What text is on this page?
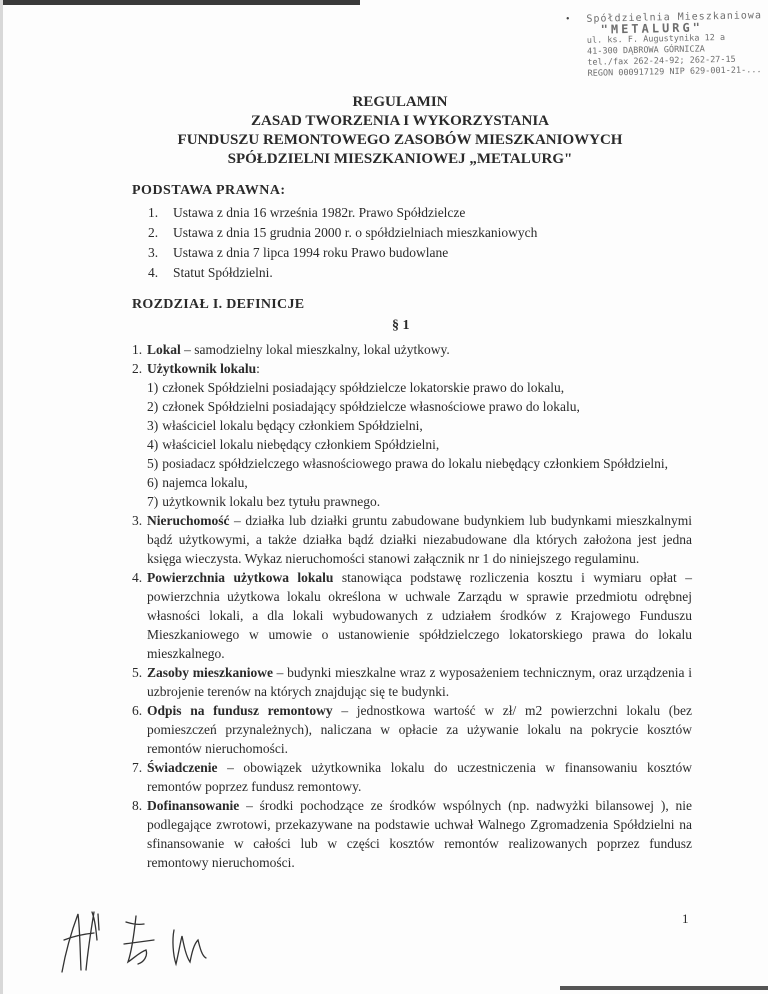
• Spółdzielnia Mieszkaniowa
"METALURG"
ul. ks. F. Augustynika 12 a
41-300 DĄBROWA GÓRNICZA
tel./fax 262-24-92; 262-27-15
REGON 000917129 NIP 629-001-21-...
REGULAMIN
ZASAD TWORZENIA I WYKORZYSTANIA
FUNDUSZU REMONTOWEGO ZASOBÓW MIESZKANIOWYCH
SPÓŁDZIELNI MIESZKANIOWEJ „METALURG"
PODSTAWA PRAWNA:
1.	Ustawa z dnia 16 września 1982r. Prawo Spółdzielcze
2.	Ustawa z dnia 15 grudnia 2000 r. o spółdzielniach mieszkaniowych
3.	Ustawa z dnia 7 lipca 1994 roku Prawo budowlane
4.	Statut Spółdzielni.
ROZDZIAŁ I. DEFINICJE
§ 1
1. Lokal – samodzielny lokal mieszkalny, lokal użytkowy.
2. Użytkownik lokalu:
1) członek Spółdzielni posiadający spółdzielcze lokatorskie prawo do lokalu,
2) członek Spółdzielni posiadający spółdzielcze własnościowe prawo do lokalu,
3) właściciel lokalu będący członkiem Spółdzielni,
4) właściciel lokalu niebędący członkiem Spółdzielni,
5) posiadacz spółdzielczego własnościowego prawa do lokalu niebędący członkiem Spółdzielni,
6) najemca lokalu,
7) użytkownik lokalu bez tytułu prawnego.
3. Nieruchomość – działka lub działki gruntu zabudowane budynkiem lub budynkami mieszkalnymi bądź użytkowymi, a także działka bądź działki niezabudowane dla których założona jest jedna księga wieczysta. Wykaz nieruchomości stanowi załącznik nr 1 do niniejszego regulaminu.
4. Powierzchnia użytkowa lokalu stanowiąca podstawę rozliczenia kosztu i wymiaru opłat – powierzchnia użytkowa lokalu określona w uchwale Zarządu w sprawie przedmiotu odrębnej własności lokali, a dla lokali wybudowanych z udziałem środków z Krajowego Funduszu Mieszkaniowego w umowie o ustanowienie spółdzielczego lokatorskiego prawa do lokalu mieszkalnego.
5. Zasoby mieszkaniowe – budynki mieszkalne wraz z wyposażeniem technicznym, oraz urządzenia i uzbrojenie terenów na których znajdując się te budynki.
6. Odpis na fundusz remontowy – jednostkowa wartość w zł/ m2 powierzchni lokalu (bez pomieszczeń przynależnych), naliczana w opłacie za używanie lokalu na pokrycie kosztów remontów nieruchomości.
7. Świadczenie – obowiązek użytkownika lokalu do uczestniczenia w finansowaniu kosztów remontów poprzez fundusz remontowy.
8. Dofinansowanie – środki pochodzące ze środków wspólnych (np. nadwyżki bilansowej ), nie podlegające zwrotowi, przekazywane na podstawie uchwał Walnego Zgromadzenia Spółdzielni na sfinansowanie w całości lub w części kosztów remontów realizowanych poprzez fundusz remontowy nieruchomości.
1
